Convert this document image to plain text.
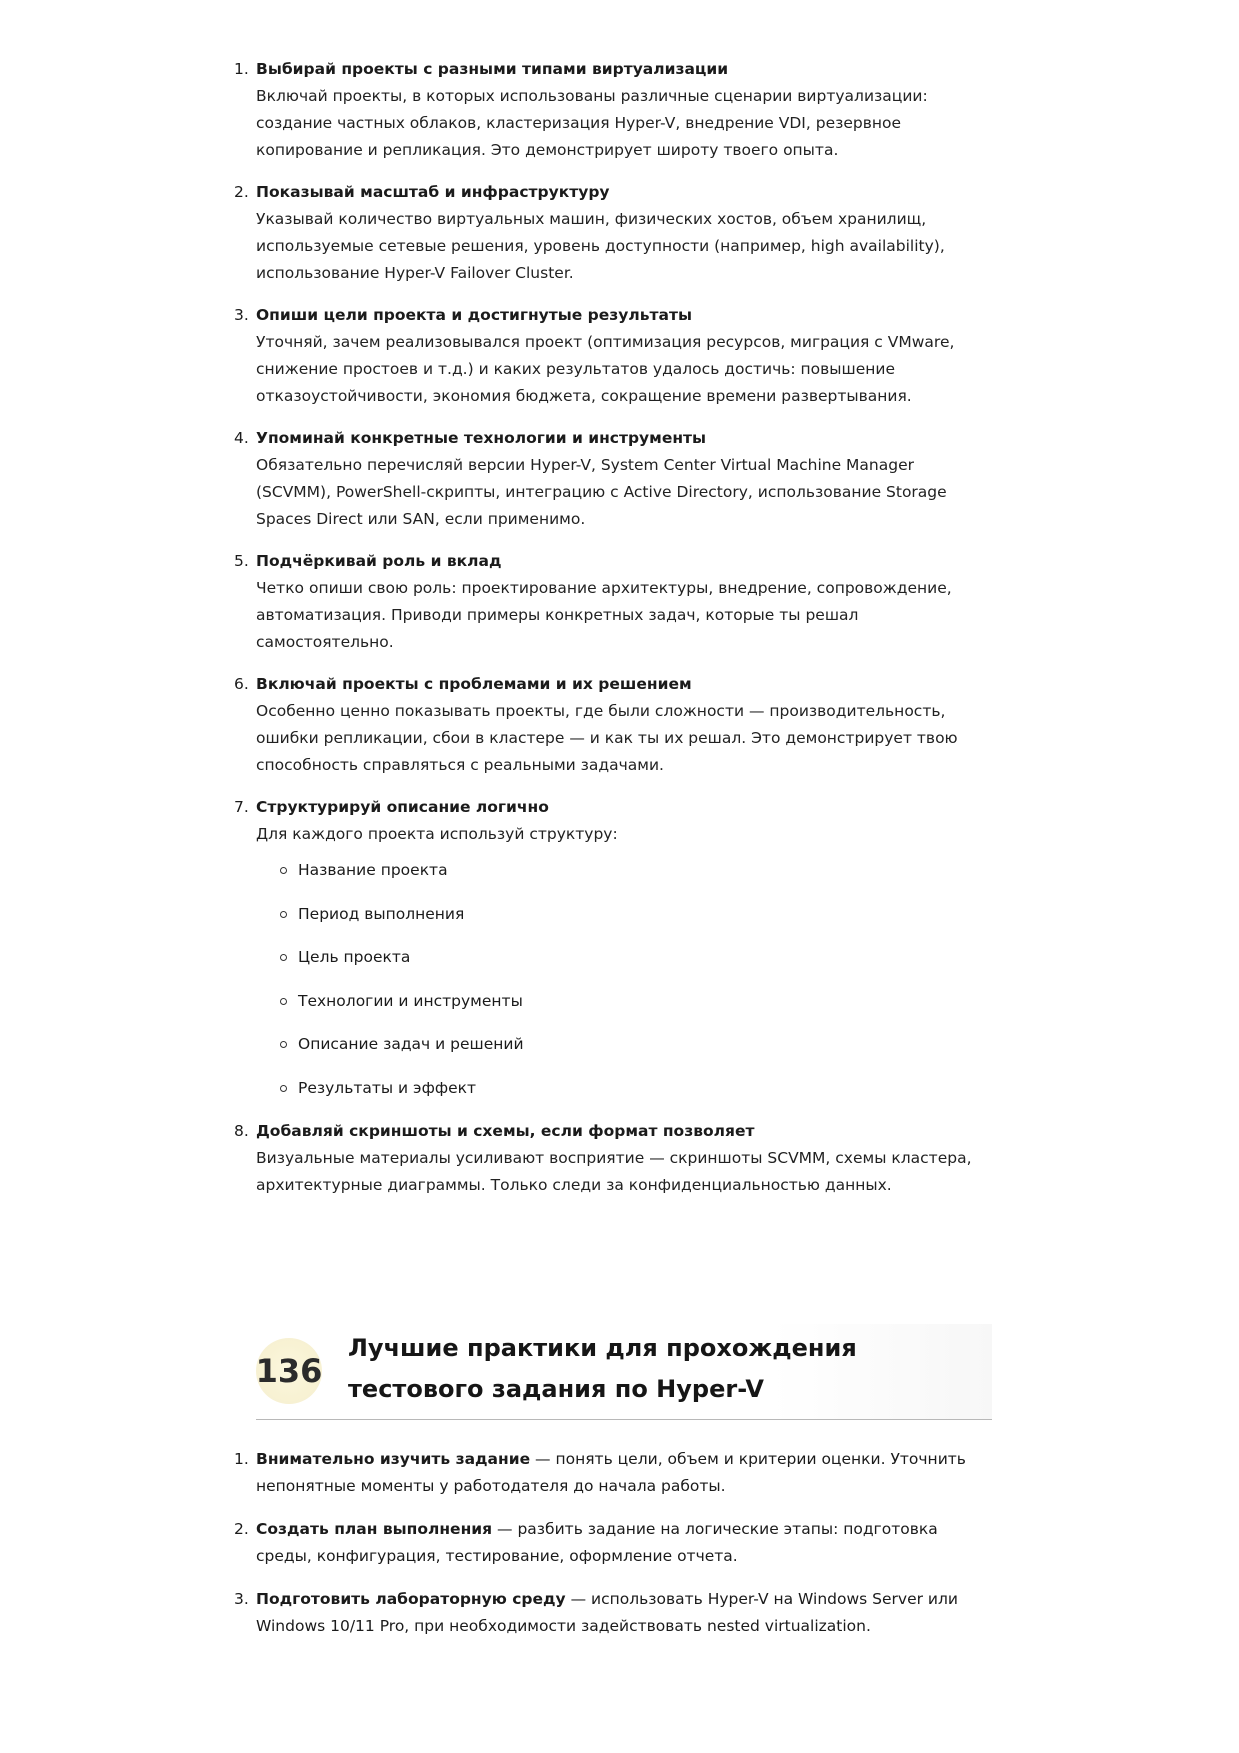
1. Выбирай проекты с разными типами виртуализации
Включай проекты, в которых использованы различные сценарии виртуализации: создание частных облаков, кластеризация Hyper-V, внедрение VDI, резервное копирование и репликация. Это демонстрирует широту твоего опыта.
2. Показывай масштаб и инфраструктуру
Указывай количество виртуальных машин, физических хостов, объем хранилищ, используемые сетевые решения, уровень доступности (например, high availability), использование Hyper-V Failover Cluster.
3. Опиши цели проекта и достигнутые результаты
Уточняй, зачем реализовывался проект (оптимизация ресурсов, миграция с VMware, снижение простоев и т.д.) и каких результатов удалось достичь: повышение отказоустойчивости, экономия бюджета, сокращение времени развертывания.
4. Упоминай конкретные технологии и инструменты
Обязательно перечисляй версии Hyper-V, System Center Virtual Machine Manager (SCVMM), PowerShell-скрипты, интеграцию с Active Directory, использование Storage Spaces Direct или SAN, если применимо.
5. Подчёркивай роль и вклад
Четко опиши свою роль: проектирование архитектуры, внедрение, сопровождение, автоматизация. Приводи примеры конкретных задач, которые ты решал самостоятельно.
6. Включай проекты с проблемами и их решением
Особенно ценно показывать проекты, где были сложности — производительность, ошибки репликации, сбои в кластере — и как ты их решал. Это демонстрирует твою способность справляться с реальными задачами.
7. Структурируй описание логично
Для каждого проекта используй структуру:
Название проекта
Период выполнения
Цель проекта
Технологии и инструменты
Описание задач и решений
Результаты и эффект
8. Добавляй скриншоты и схемы, если формат позволяет
Визуальные материалы усиливают восприятие — скриншоты SCVMM, схемы кластера, архитектурные диаграммы. Только следи за конфиденциальностью данных.
136
Лучшие практики для прохождения тестового задания по Hyper-V
1. Внимательно изучить задание — понять цели, объем и критерии оценки. Уточнить непонятные моменты у работодателя до начала работы.
2. Создать план выполнения — разбить задание на логические этапы: подготовка среды, конфигурация, тестирование, оформление отчета.
3. Подготовить лабораторную среду — использовать Hyper-V на Windows Server или Windows 10/11 Pro, при необходимости задействовать nested virtualization.
